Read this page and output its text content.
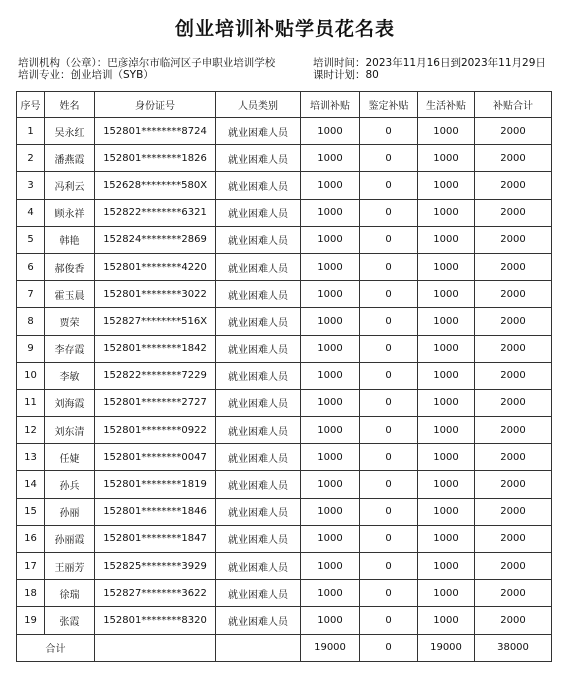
创业培训补贴学员花名表
培训机构（公章）：巴彦淖尔市临河区子申职业培训学校
培训专业：创业培训（SYB）
培训时间：2023年11月16日到2023年11月29日
课时计划：80
序号	姓名	身份证号	人员类别	培训补贴	鉴定补贴	生活补贴	补贴合计
1	吴永红	152801********8724	就业困难人员	1000	0	1000	2000
2	潘燕霞	152801********1826	就业困难人员	1000	0	1000	2000
3	冯利云	152628********580X	就业困难人员	1000	0	1000	2000
4	顾永祥	152822********6321	就业困难人员	1000	0	1000	2000
5	韩艳	152824********2869	就业困难人员	1000	0	1000	2000
6	郝俊香	152801********4220	就业困难人员	1000	0	1000	2000
7	霍玉晨	152801********3022	就业困难人员	1000	0	1000	2000
8	贾荣	152827********516X	就业困难人员	1000	0	1000	2000
9	李存霞	152801********1842	就业困难人员	1000	0	1000	2000
10	李敏	152822********7229	就业困难人员	1000	0	1000	2000
11	刘海霞	152801********2727	就业困难人员	1000	0	1000	2000
12	刘东清	152801********0922	就业困难人员	1000	0	1000	2000
13	任婕	152801********0047	就业困难人员	1000	0	1000	2000
14	孙兵	152801********1819	就业困难人员	1000	0	1000	2000
15	孙丽	152801********1846	就业困难人员	1000	0	1000	2000
16	孙丽霞	152801********1847	就业困难人员	1000	0	1000	2000
17	王丽芳	152825********3929	就业困难人员	1000	0	1000	2000
18	徐瑞	152827********3622	就业困难人员	1000	0	1000	2000
19	张霞	152801********8320	就业困难人员	1000	0	1000	2000
合计				19000	0	19000	38000
